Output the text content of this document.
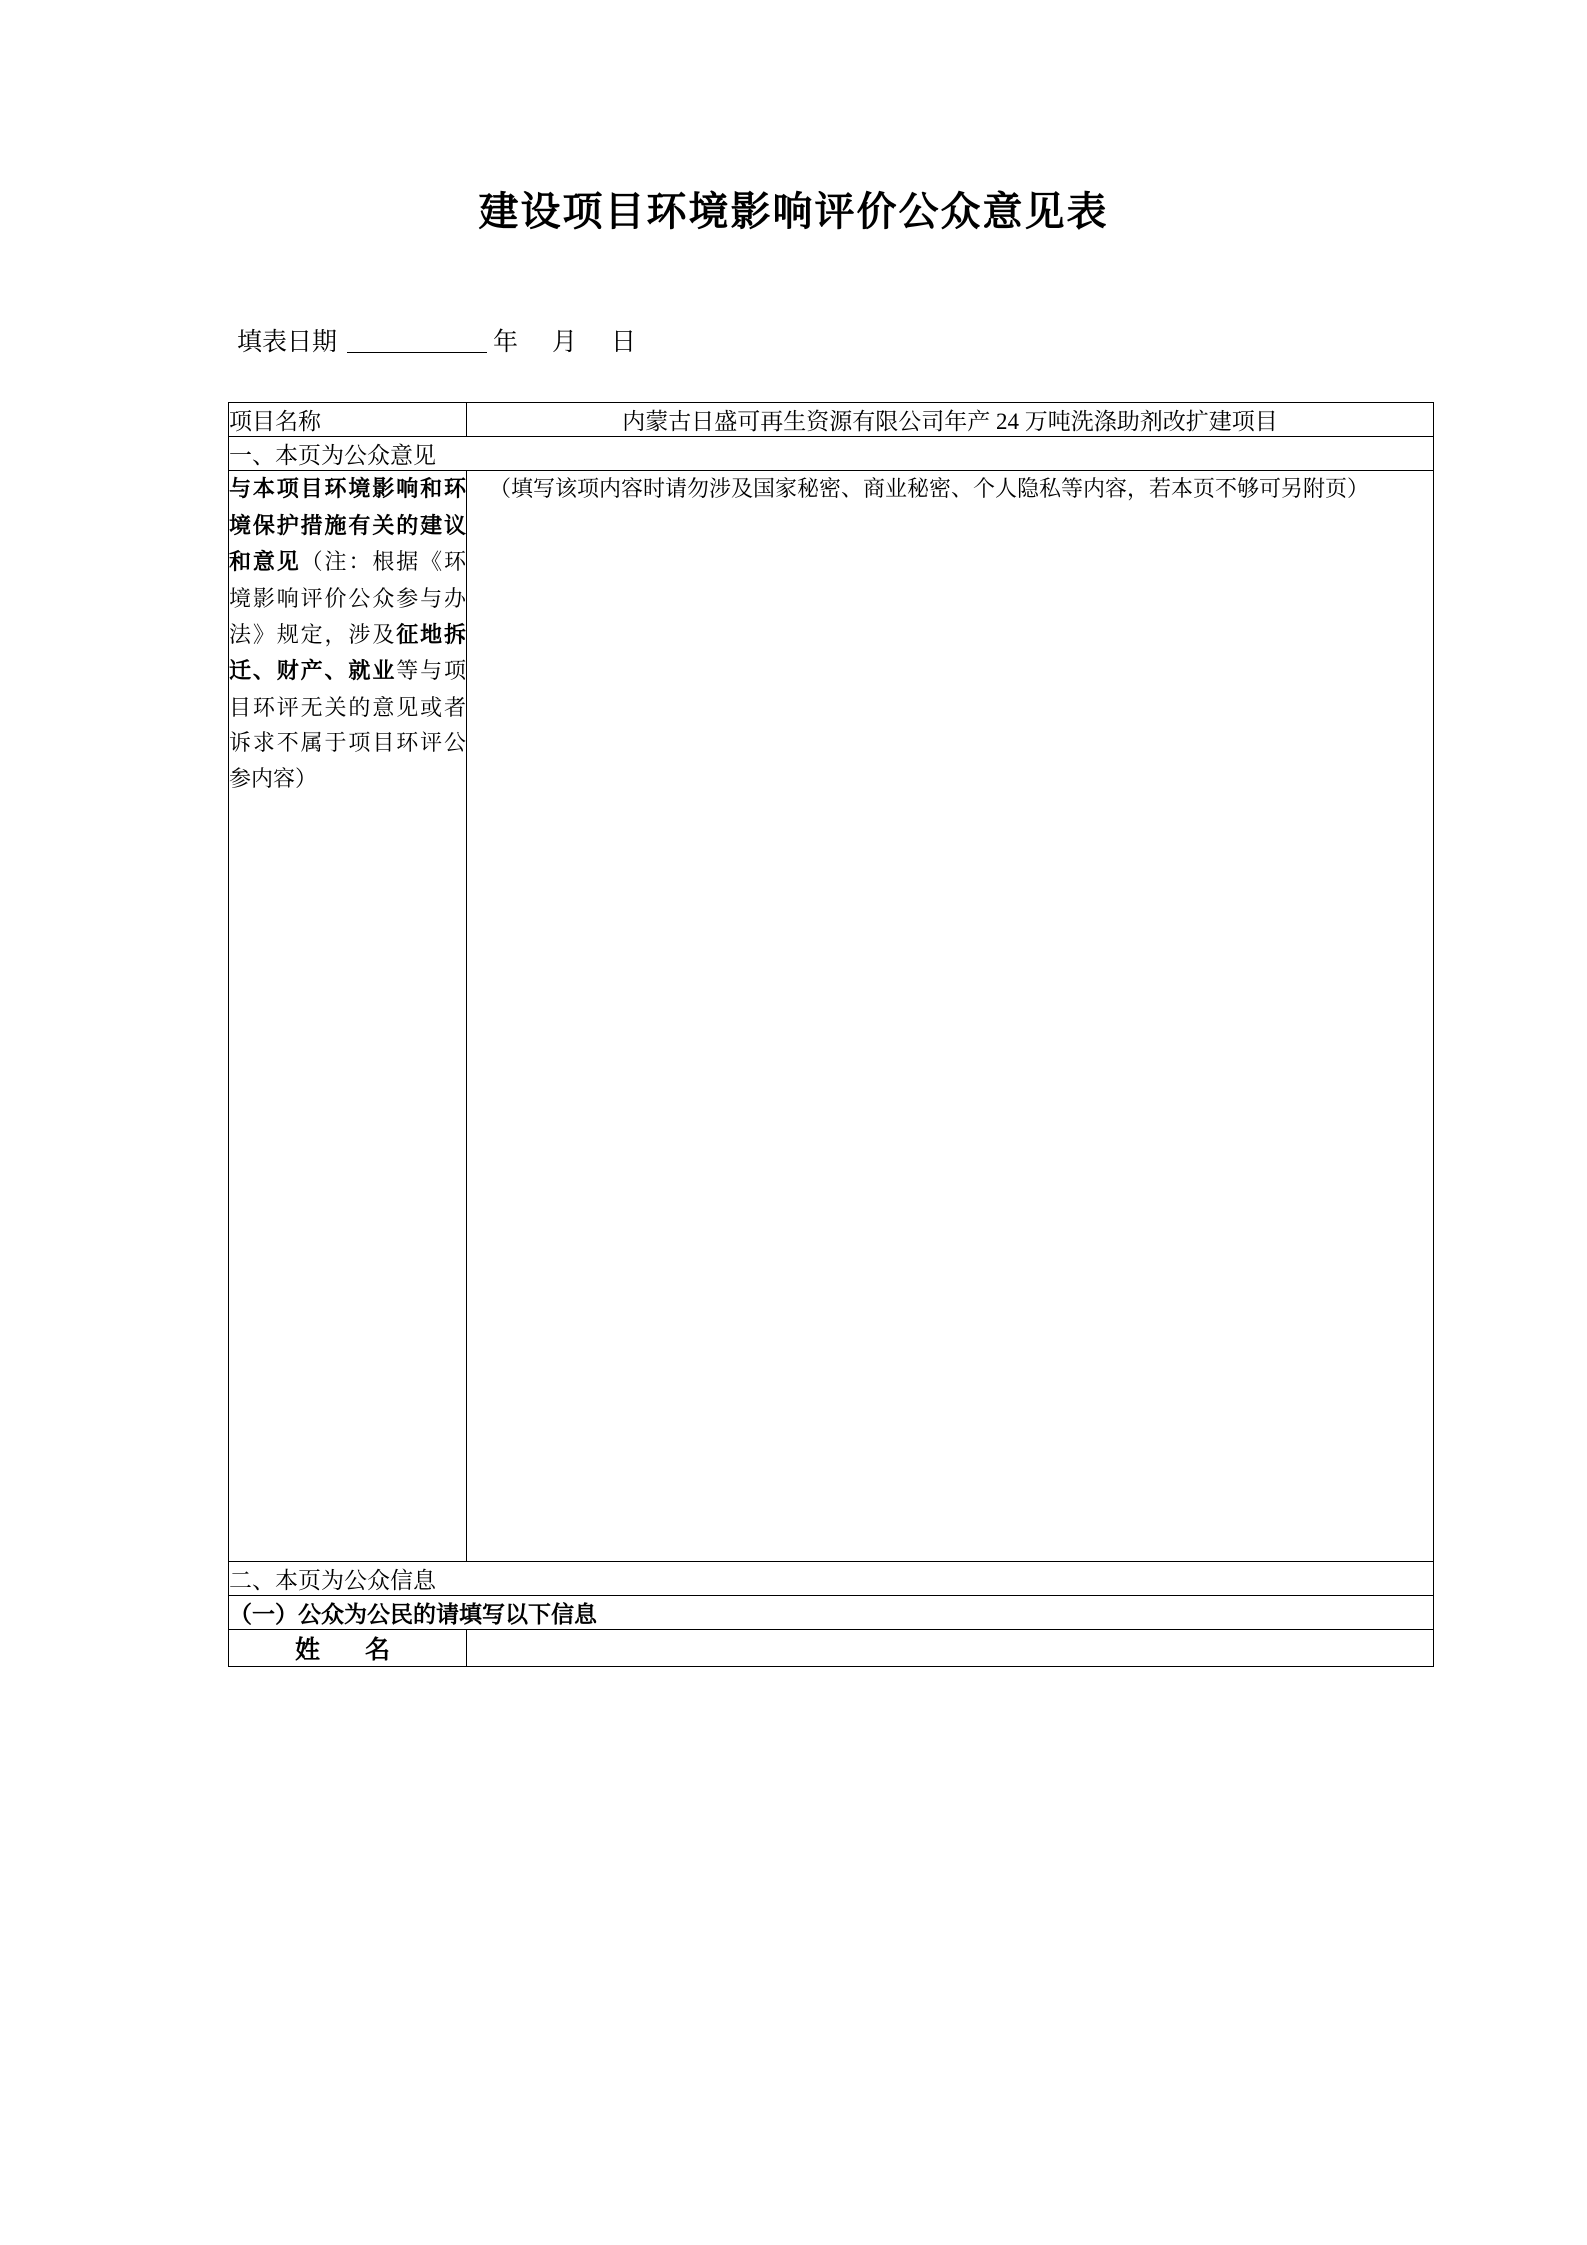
建设项目环境影响评价公众意见表
填表日期	年 月 日
项目名称	内蒙古日盛可再生资源有限公司年产 24 万吨洗涤助剂改扩建项目
一、本页为公众意见	
与本项目环境影响和环境保护措施有关的建议和意见（注：根据《环境影响评价公众参与办法》规定，涉及征地拆迁、财产、就业等与项目环评无关的意见或者诉求不属于项目环评公参内容）	（填写该项内容时请勿涉及国家秘密、商业秘密、个人隐私等内容，若本页不够可另附页）

二、本页为公众信息	
（一）公众为公民的请填写以下信息	
姓　名	
